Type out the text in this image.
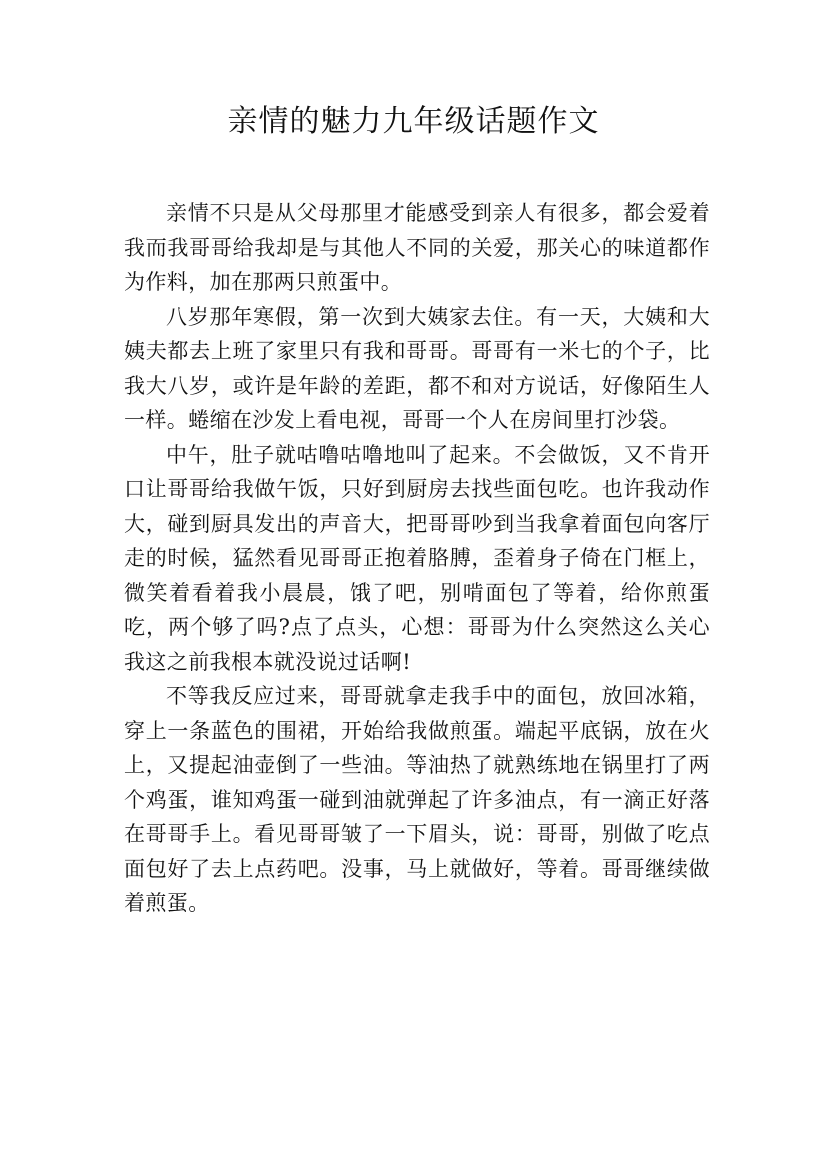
亲情的魅力九年级话题作文

亲情不只是从父母那里才能感受到亲人有很多，都会爱着我而我哥哥给我却是与其他人不同的关爱，那关心的味道都作为作料，加在那两只煎蛋中。

八岁那年寒假，第一次到大姨家去住。有一天，大姨和大姨夫都去上班了家里只有我和哥哥。哥哥有一米七的个子，比我大八岁，或许是年龄的差距，都不和对方说话，好像陌生人一样。蜷缩在沙发上看电视，哥哥一个人在房间里打沙袋。

中午，肚子就咕噜咕噜地叫了起来。不会做饭，又不肯开口让哥哥给我做午饭，只好到厨房去找些面包吃。也许我动作大，碰到厨具发出的声音大，把哥哥吵到当我拿着面包向客厅走的时候，猛然看见哥哥正抱着胳膊，歪着身子倚在门框上，微笑着看着我小晨晨，饿了吧，别啃面包了等着，给你煎蛋吃，两个够了吗?点了点头，心想：哥哥为什么突然这么关心我这之前我根本就没说过话啊!

不等我反应过来，哥哥就拿走我手中的面包，放回冰箱，穿上一条蓝色的围裙，开始给我做煎蛋。端起平底锅，放在火上，又提起油壶倒了一些油。等油热了就熟练地在锅里打了两个鸡蛋，谁知鸡蛋一碰到油就弹起了许多油点，有一滴正好落在哥哥手上。看见哥哥皱了一下眉头，说：哥哥，别做了吃点面包好了去上点药吧。没事，马上就做好，等着。哥哥继续做着煎蛋。
